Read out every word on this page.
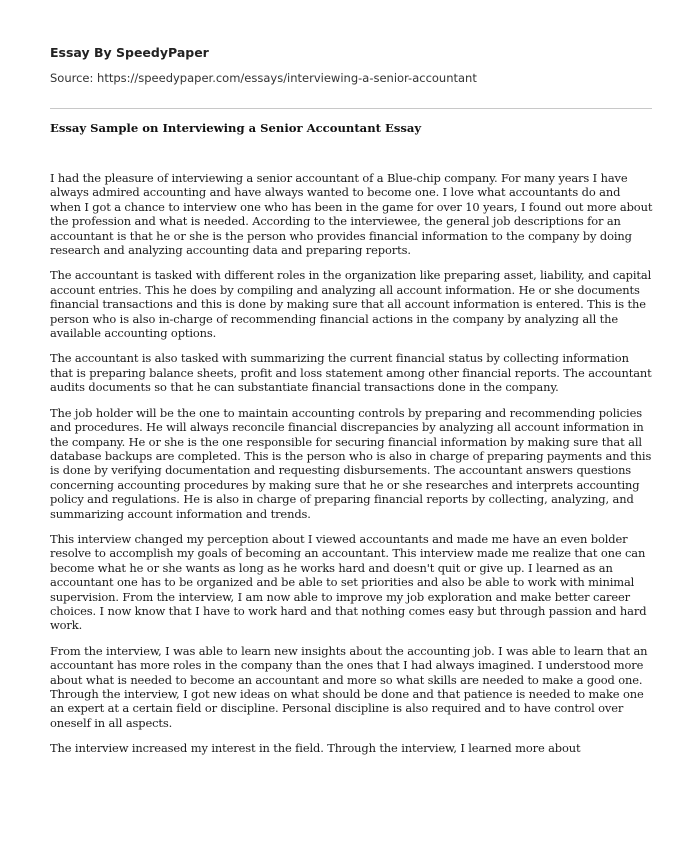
Essay By SpeedyPaper

Source: https://speedypaper.com/essays/interviewing-a-senior-accountant

Essay Sample on Interviewing a Senior Accountant Essay

I had the pleasure of interviewing a senior accountant of a Blue-chip company. For many years I have always admired accounting and have always wanted to become one. I love what accountants do and when I got a chance to interview one who has been in the game for over 10 years, I found out more about the profession and what is needed. According to the interviewee, the general job descriptions for an accountant is that he or she is the person who provides financial information to the company by doing research and analyzing accounting data and preparing reports.

The accountant is tasked with different roles in the organization like preparing asset, liability, and capital account entries. This he does by compiling and analyzing all account information. He or she documents financial transactions and this is done by making sure that all account information is entered. This is the person who is also in-charge of recommending financial actions in the company by analyzing all the available accounting options.

The accountant is also tasked with summarizing the current financial status by collecting information that is preparing balance sheets, profit and loss statement among other financial reports. The accountant audits documents so that he can substantiate financial transactions done in the company.

The job holder will be the one to maintain accounting controls by preparing and recommending policies and procedures. He will always reconcile financial discrepancies by analyzing all account information in the company. He or she is the one responsible for securing financial information by making sure that all database backups are completed. This is the person who is also in charge of preparing payments and this is done by verifying documentation and requesting disbursements. The accountant answers questions concerning accounting procedures by making sure that he or she researches and interprets accounting policy and regulations. He is also in charge of preparing financial reports by collecting, analyzing, and summarizing account information and trends.

This interview changed my perception about I viewed accountants and made me have an even bolder resolve to accomplish my goals of becoming an accountant. This interview made me realize that one can become what he or she wants as long as he works hard and doesn't quit or give up. I learned as an accountant one has to be organized and be able to set priorities and also be able to work with minimal supervision. From the interview, I am now able to improve my job exploration and make better career choices. I now know that I have to work hard and that nothing comes easy but through passion and hard work.

From the interview, I was able to learn new insights about the accounting job. I was able to learn that an accountant has more roles in the company than the ones that I had always imagined. I understood more about what is needed to become an accountant and more so what skills are needed to make a good one. Through the interview, I got new ideas on what should be done and that patience is needed to make one an expert at a certain field or discipline. Personal discipline is also required and to have control over oneself in all aspects.

The interview increased my interest in the field. Through the interview, I learned more about
